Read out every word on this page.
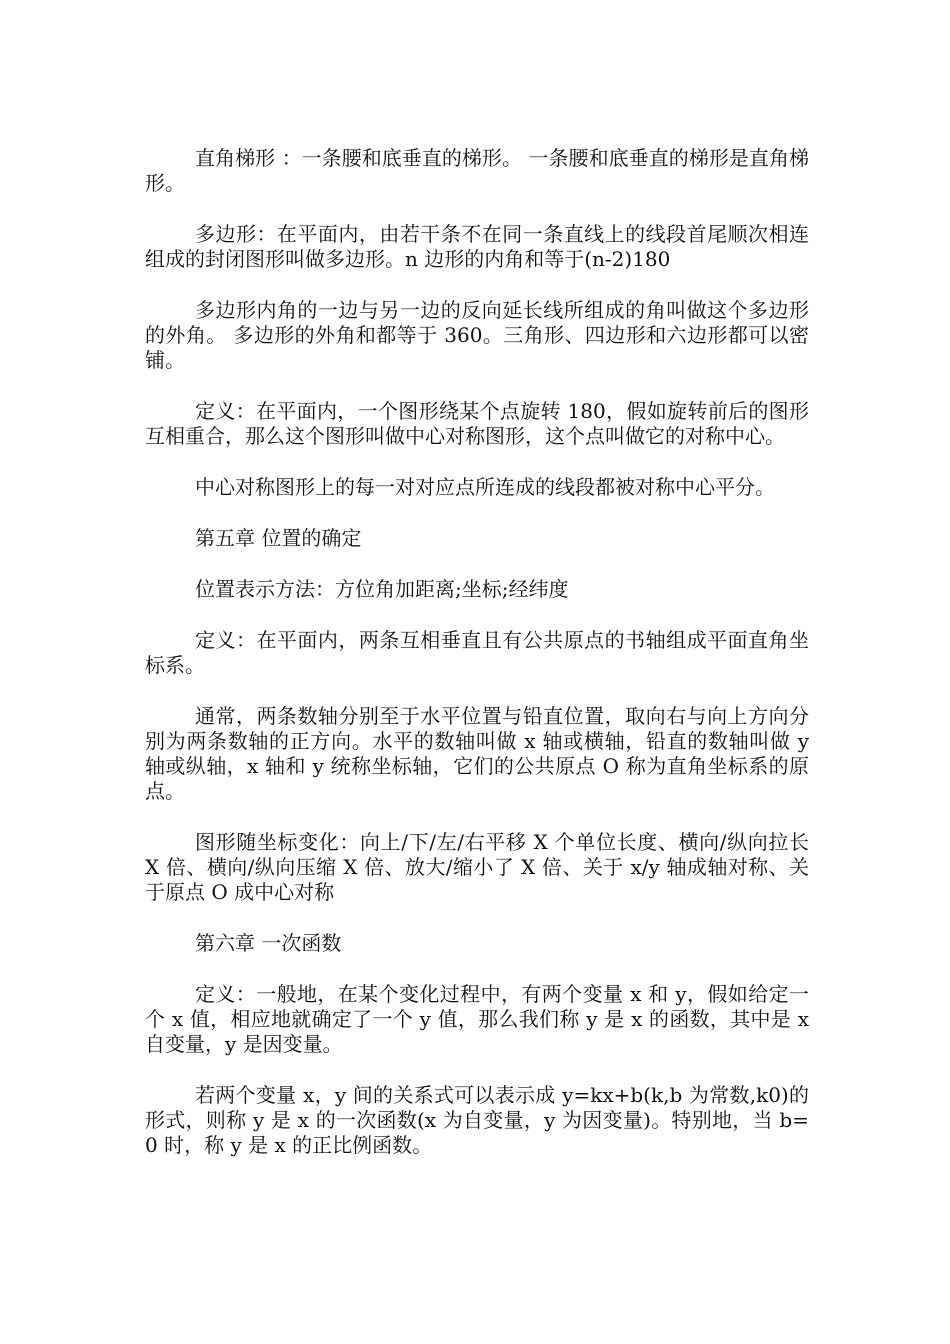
直角梯形 ：一条腰和底垂直的梯形。 一条腰和底垂直的梯形是直角梯形。

多边形：在平面内，由若干条不在同一条直线上的线段首尾顺次相连组成的封闭图形叫做多边形。n 边形的内角和等于(n-2)180

多边形内角的一边与另一边的反向延长线所组成的角叫做这个多边形的外角。 多边形的外角和都等于 360。三角形、四边形和六边形都可以密铺。

定义：在平面内，一个图形绕某个点旋转 180，假如旋转前后的图形互相重合，那么这个图形叫做中心对称图形，这个点叫做它的对称中心。

中心对称图形上的每一对对应点所连成的线段都被对称中心平分。

第五章 位置的确定

位置表示方法：方位角加距离;坐标;经纬度

定义：在平面内，两条互相垂直且有公共原点的书轴组成平面直角坐标系。

通常，两条数轴分别至于水平位置与铅直位置，取向右与向上方向分别为两条数轴的正方向。水平的数轴叫做 x 轴或横轴，铅直的数轴叫做 y 轴或纵轴，x 轴和 y 统称坐标轴，它们的公共原点 O 称为直角坐标系的原点。

图形随坐标变化：向上/下/左/右平移 X 个单位长度、横向/纵向拉长 X 倍、横向/纵向压缩 X 倍、放大/缩小了 X 倍、关于 x/y 轴成轴对称、关于原点 O 成中心对称

第六章 一次函数

定义：一般地，在某个变化过程中，有两个变量 x 和 y，假如给定一个 x 值，相应地就确定了一个 y 值，那么我们称 y 是 x 的函数，其中是 x 自变量，y 是因变量。

若两个变量 x，y 间的关系式可以表示成 y=kx+b(k,b 为常数,k0)的形式，则称 y 是 x 的一次函数(x 为自变量，y 为因变量)。特别地，当 b=0 时，称 y 是 x 的正比例函数。
